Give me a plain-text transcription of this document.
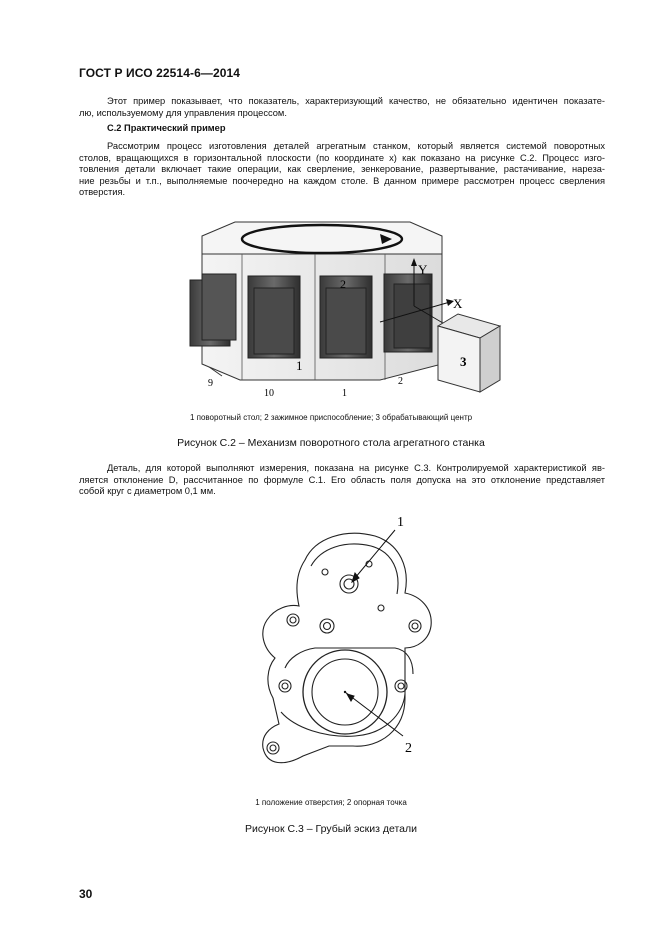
ГОСТ Р ИСО 22514-6—2014
Этот пример показывает, что показатель, характеризующий качество, не обязательно идентичен показате-
лю, используемому для управления процессом.
С.2 Практический пример
Рассмотрим процесс изготовления деталей агрегатным станком, который является системой поворотных
столов, вращающихся в горизонтальной плоскости (по координате x) как показано на рисунке С.2. Процесс изго-
товления детали включает такие операции, как сверление, зенкерование, развертывание, растачивание, нареза-
ние резьбы и т.п., выполняемые поочередно на каждом столе. В данном примере рассмотрен процесс сверления
отверстия.
Y
X
1
2
3
9
10	1
2
1 поворотный стол; 2 зажимное приспособление; 3 обрабатывающий центр
Рисунок С.2 – Механизм поворотного стола агрегатного станка
Деталь, для которой выполняют измерения, показана на рисунке С.3. Контролируемой характеристикой яв-
ляется отклонение D, рассчитанное по формуле С.1. Его область поля допуска на это отклонение представляет
собой круг с диаметром 0,1 мм.
1
2
1 положение отверстия; 2 опорная точка
Рисунок С.3 – Грубый эскиз детали
30
